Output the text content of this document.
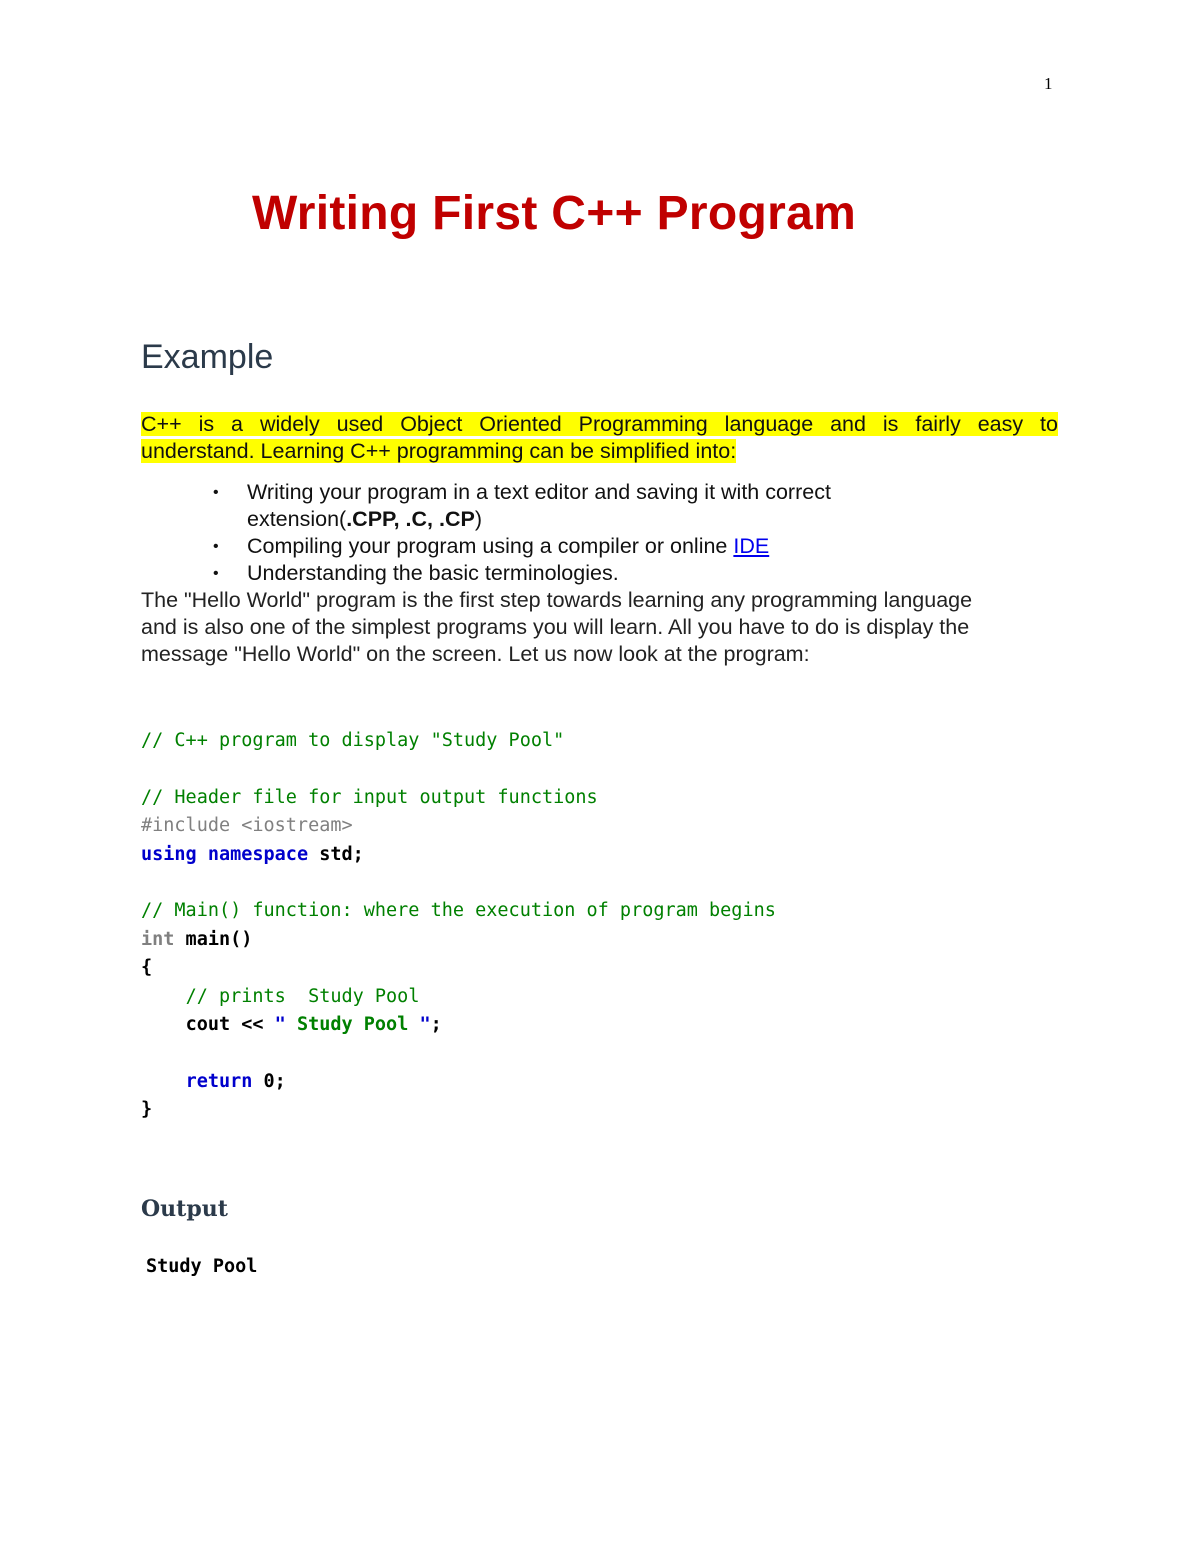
1
Writing First C++ Program
Example
C++ is a widely used Object Oriented Programming language and is fairly easy to
understand. Learning C++ programming can be simplified into:
• Writing your program in a text editor and saving it with correct
extension(.CPP, .C, .CP)
• Compiling your program using a compiler or online IDE
• Understanding the basic terminologies.
The "Hello World" program is the first step towards learning any programming language
and is also one of the simplest programs you will learn. All you have to do is display the
message "Hello World" on the screen. Let us now look at the program:
// C++ program to display "Study Pool"

// Header file for input output functions
#include <iostream>
using namespace std;

// Main() function: where the execution of program begins
int main()
{
// prints  Study Pool
cout << " Study Pool ";

return 0;
}
Output
Study Pool
